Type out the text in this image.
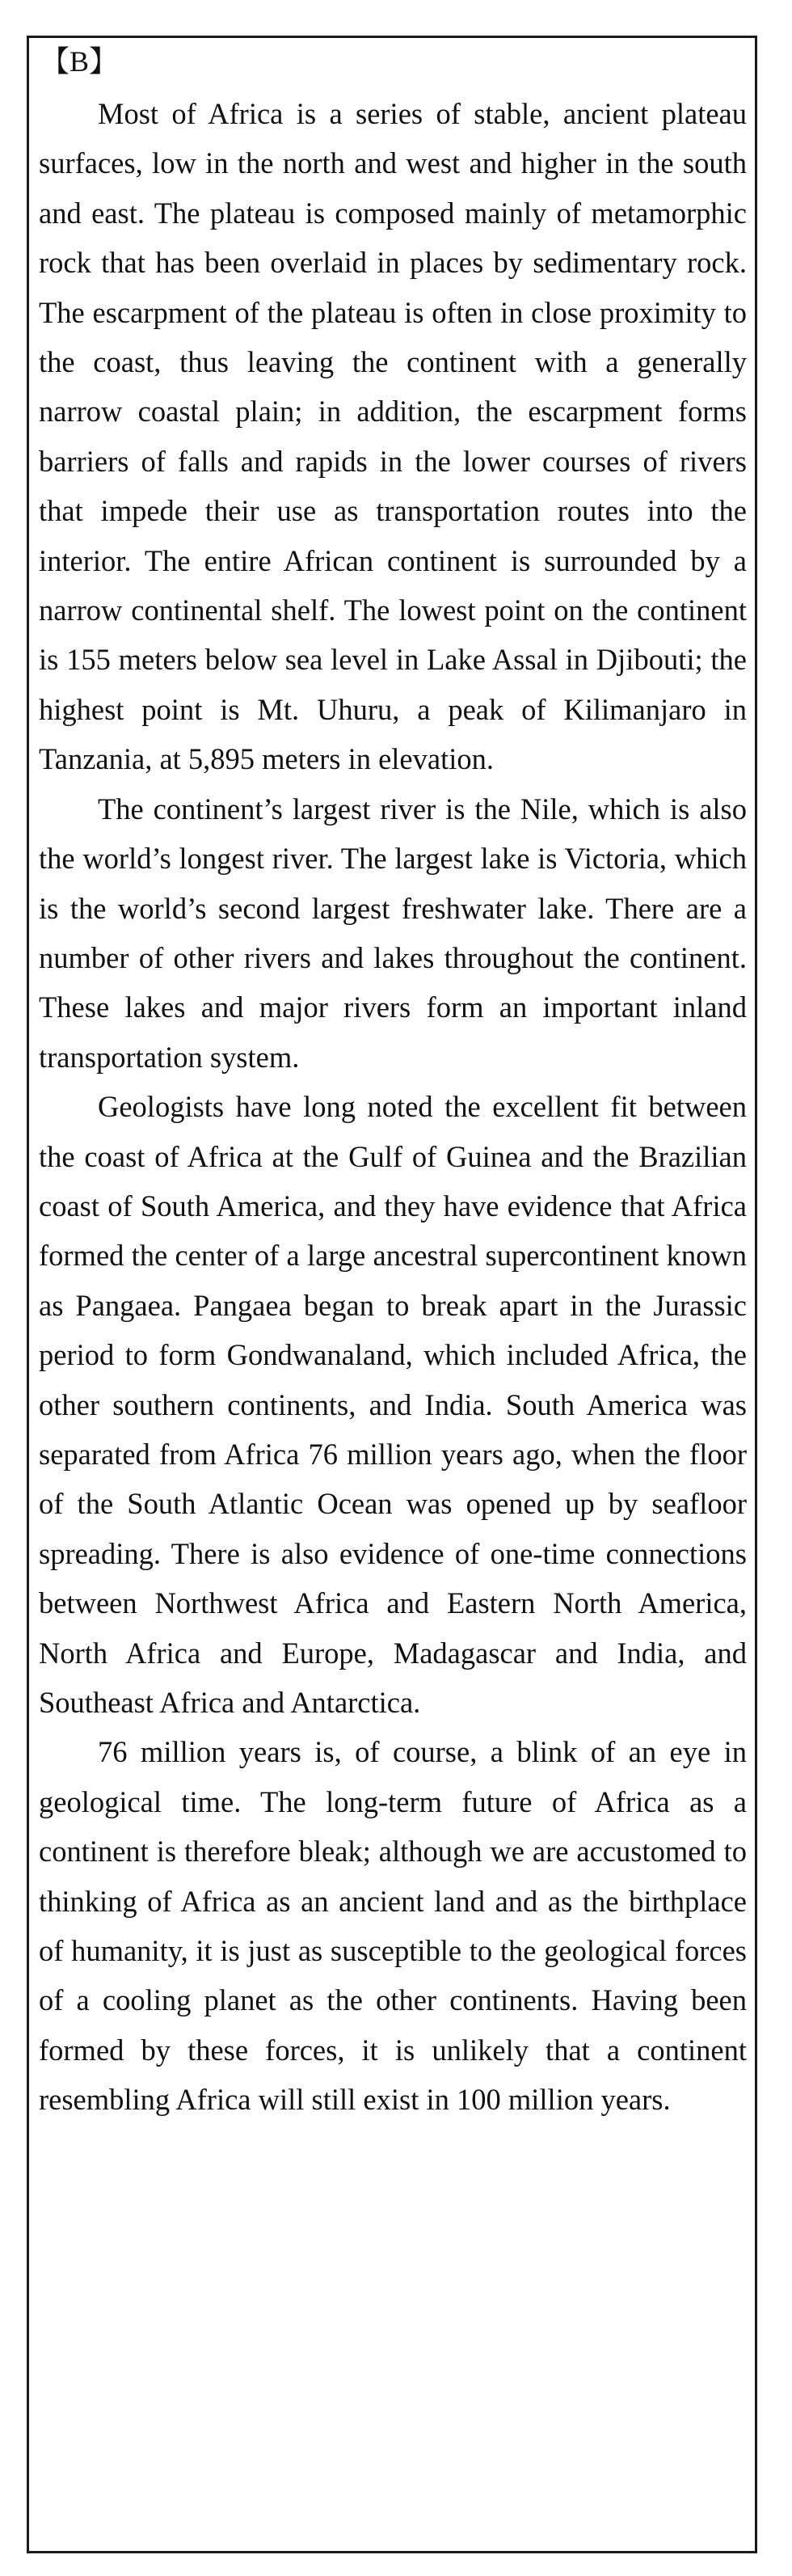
【B】

Most of Africa is a series of stable, ancient plateau surfaces, low in the north and west and higher in the south and east. The plateau is composed mainly of metamorphic rock that has been overlaid in places by sedimentary rock. The escarpment of the plateau is often in close proximity to the coast, thus leaving the continent with a generally narrow coastal plain; in addition, the escarpment forms barriers of falls and rapids in the lower courses of rivers that impede their use as transportation routes into the interior. The entire African continent is surrounded by a narrow continental shelf. The lowest point on the continent is 155 meters below sea level in Lake Assal in Djibouti; the highest point is Mt. Uhuru, a peak of Kilimanjaro in Tanzania, at 5,895 meters in elevation.

The continent’s largest river is the Nile, which is also the world’s longest river. The largest lake is Victoria, which is the world’s second largest freshwater lake. There are a number of other rivers and lakes throughout the continent. These lakes and major rivers form an important inland transportation system.

Geologists have long noted the excellent fit between the coast of Africa at the Gulf of Guinea and the Brazilian coast of South America, and they have evidence that Africa formed the center of a large ancestral supercontinent known as Pangaea. Pangaea began to break apart in the Jurassic period to form Gondwanaland, which included Africa, the other southern continents, and India. South America was separated from Africa 76 million years ago, when the floor of the South Atlantic Ocean was opened up by seafloor spreading. There is also evidence of one-time connections between Northwest Africa and Eastern North America, North Africa and Europe, Madagascar and India, and Southeast Africa and Antarctica.

76 million years is, of course, a blink of an eye in geological time. The long-term future of Africa as a continent is therefore bleak; although we are accustomed to thinking of Africa as an ancient land and as the birthplace of humanity, it is just as susceptible to the geological forces of a cooling planet as the other continents. Having been formed by these forces, it is unlikely that a continent resembling Africa will still exist in 100 million years.
